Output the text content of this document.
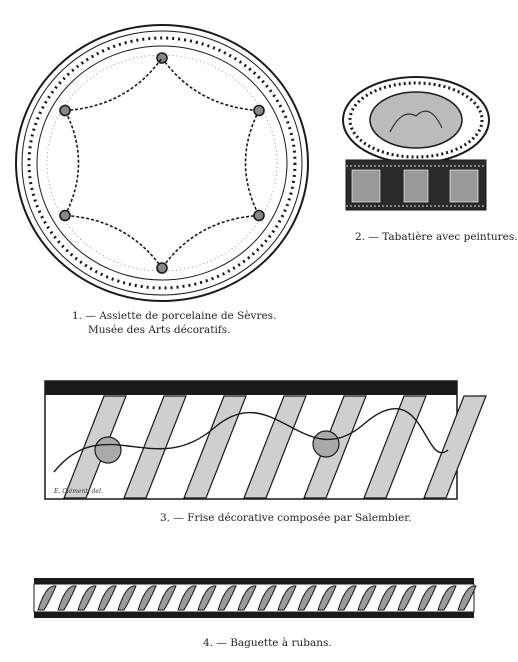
1. — Assiette de porcelaine de Sèvres.
Musée des Arts décoratifs.
2. — Tabatière avec peintures.
E. Clément, del.
3. — Frise décorative composée par Salembier.
4. — Baguette à rubans.
